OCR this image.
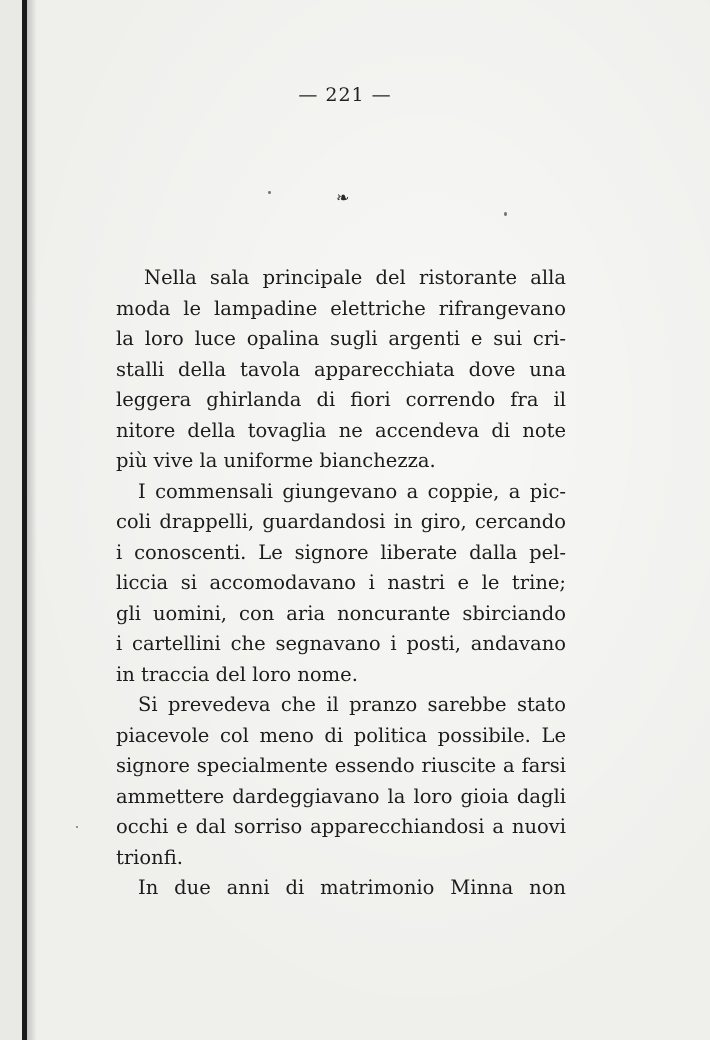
— 221 —
❧
Nella sala principale del ristorante alla
moda le lampadine elettriche rifrangevano
la loro luce opalina sugli argenti e sui cri-
stalli della tavola apparecchiata dove una
leggera ghirlanda di fiori correndo fra il
nitore della tovaglia ne accendeva di note
più vive la uniforme bianchezza.
I commensali giungevano a coppie, a pic-
coli drappelli, guardandosi in giro, cercando
i conoscenti. Le signore liberate dalla pel-
liccia si accomodavano i nastri e le trine;
gli uomini, con aria noncurante sbirciando
i cartellini che segnavano i posti, andavano
in traccia del loro nome.
Si prevedeva che il pranzo sarebbe stato
piacevole col meno di politica possibile. Le
signore specialmente essendo riuscite a farsi
ammettere dardeggiavano la loro gioia dagli
occhi e dal sorriso apparecchiandosi a nuovi
trionfi.
In due anni di matrimonio Minna non
